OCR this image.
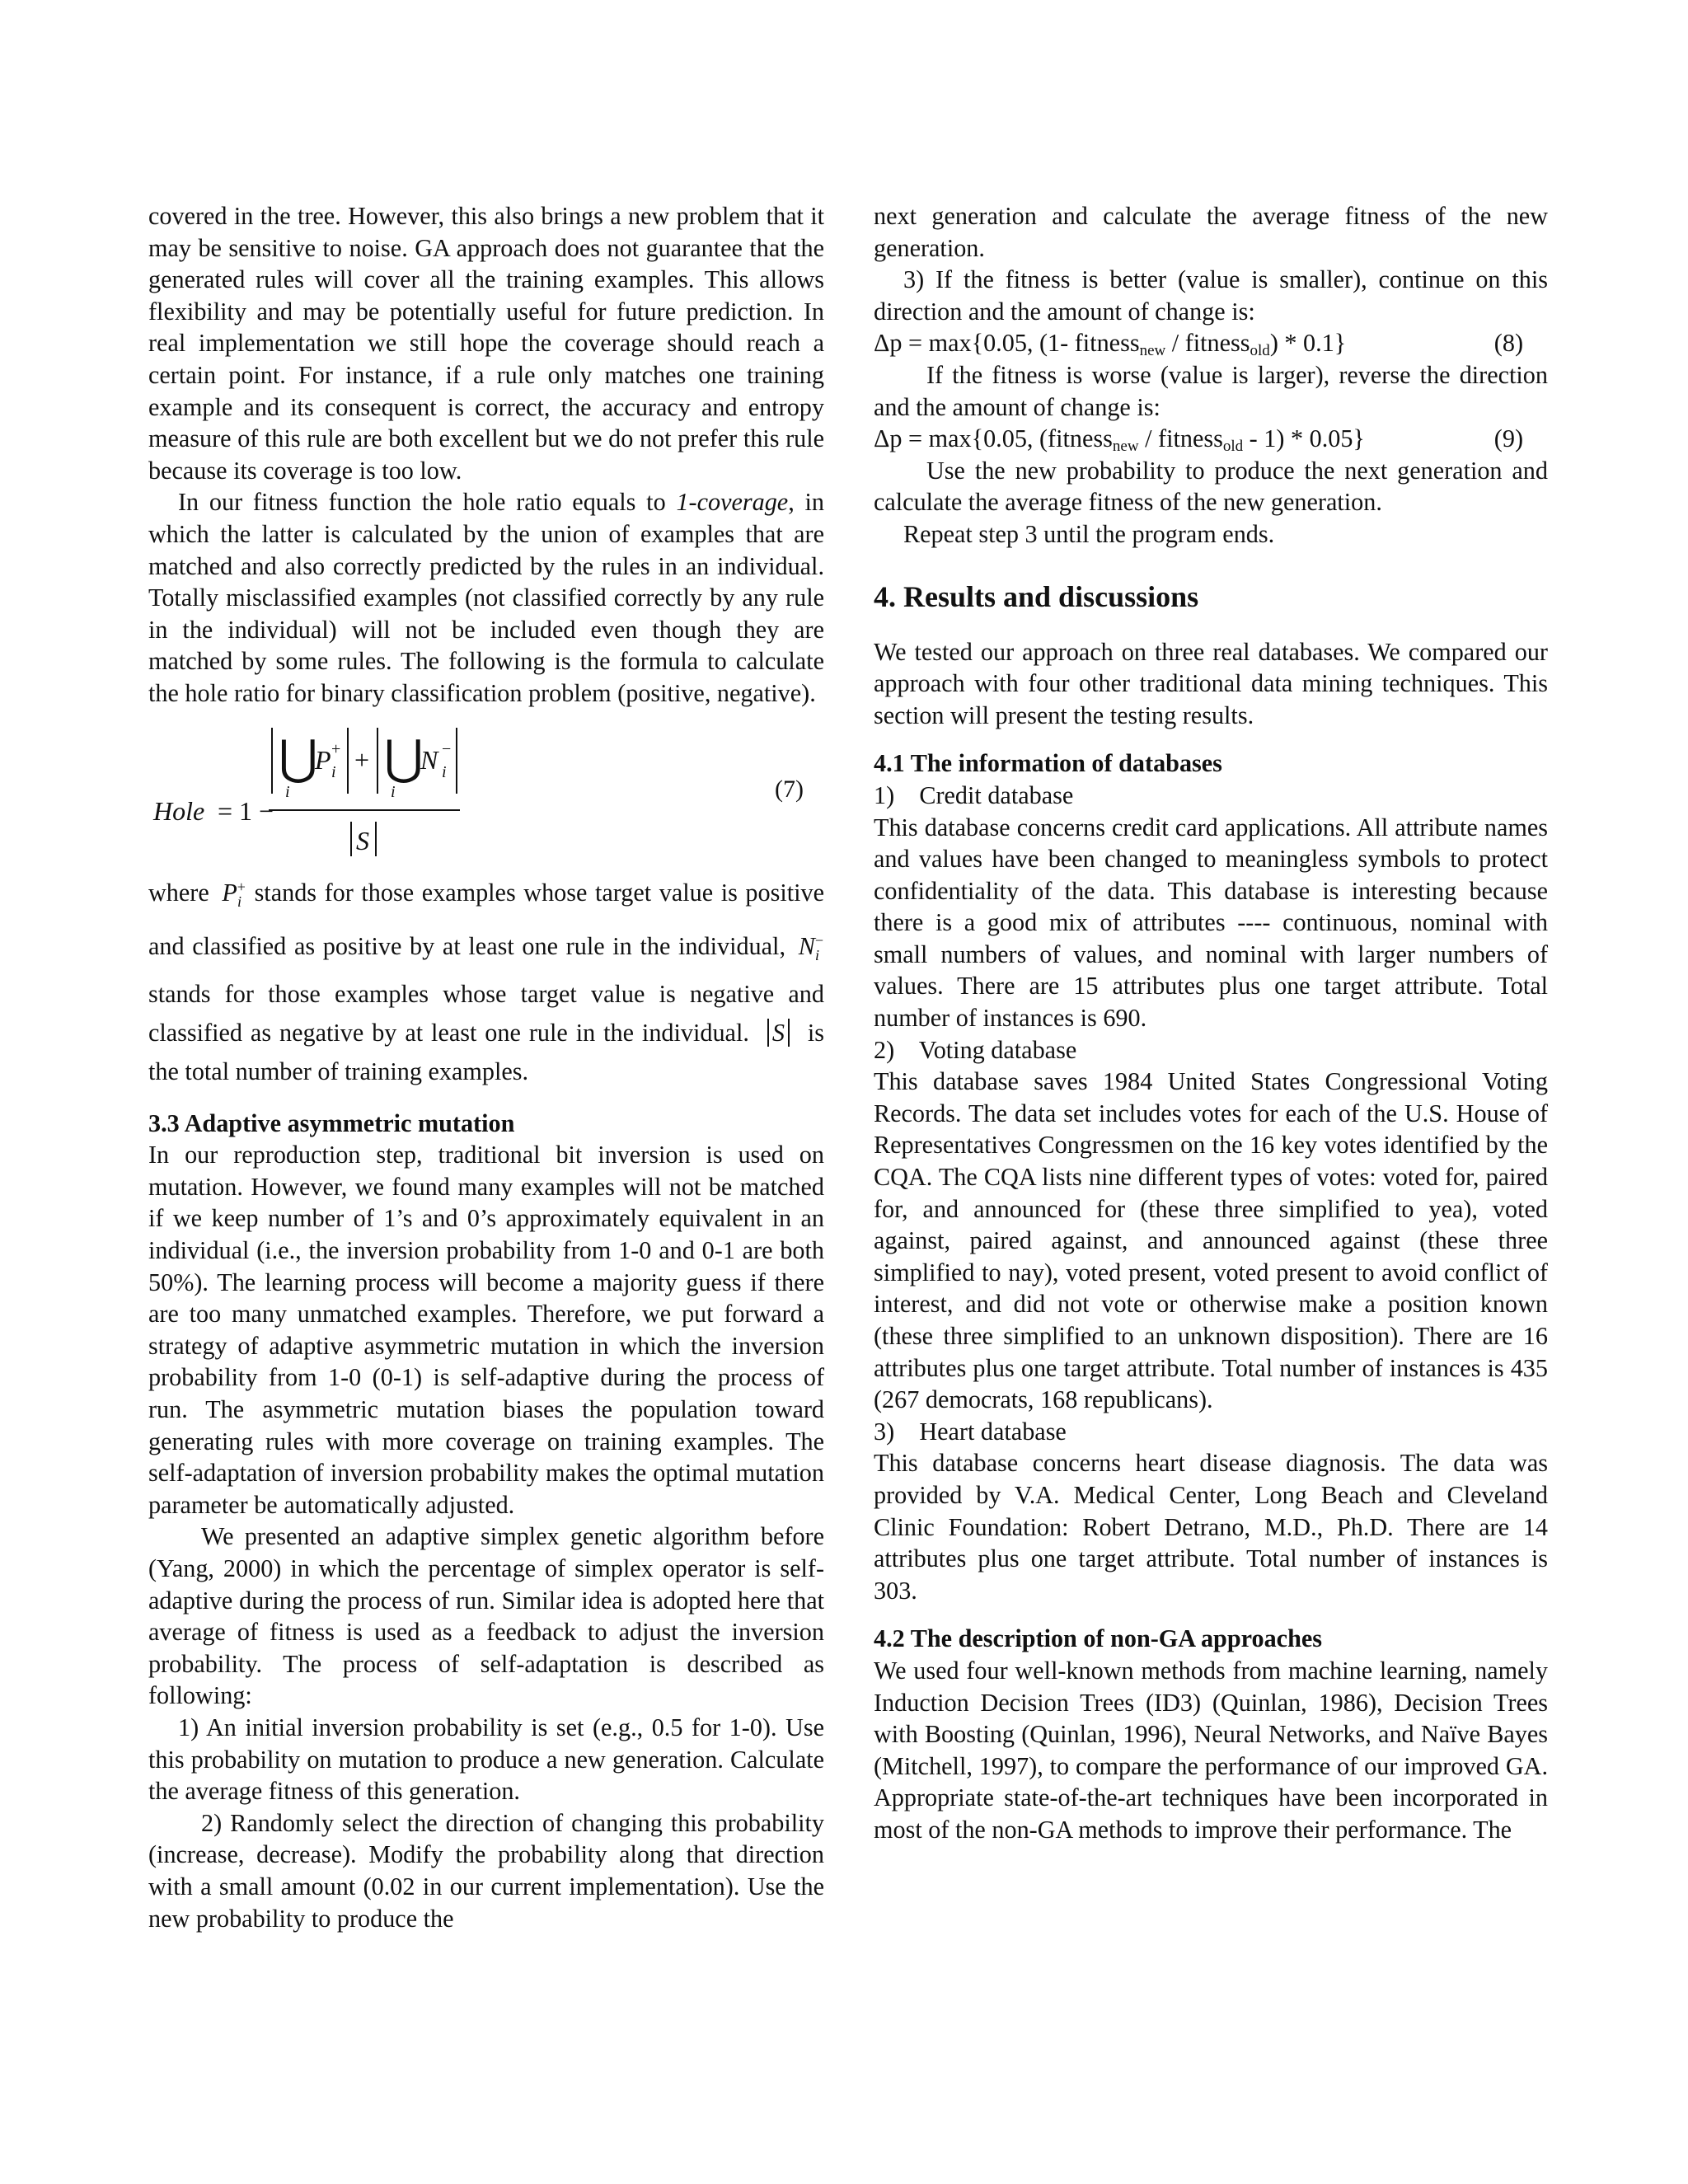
covered in the tree. However, this also brings a new problem that it may be sensitive to noise. GA approach does not guarantee that the generated rules will cover all the training examples. This allows flexibility and may be potentially useful for future prediction. In real implementation we still hope the coverage should reach a certain point. For instance, if a rule only matches one training example and its consequent is correct, the accuracy and entropy measure of this rule are both excellent but we do not prefer this rule because its coverage is too low.

In our fitness function the hole ratio equals to 1-coverage, in which the latter is calculated by the union of examples that are matched and also correctly predicted by the rules in an individual. Totally misclassified examples (not classified correctly by any rule in the individual) will not be included even though they are matched by some rules. The following is the formula to calculate the hole ratio for binary classification problem (positive, negative).

Hole = 1 −
⋃
i
P +
i + ⋃
i
N −
i
S
(7)

where $P^+_i$ stands for those examples whose target value is positive and classified as positive by at least one rule in the individual, $N^-_i$ stands for those examples whose target value is negative and classified as negative by at least one rule in the individual. S is the total number of training examples.

3.3 Adaptive asymmetric mutation

In our reproduction step, traditional bit inversion is used on mutation. However, we found many examples will not be matched if we keep number of 1’s and 0’s approximately equivalent in an individual (i.e., the inversion probability from 1-0 and 0-1 are both 50%). The learning process will become a majority guess if there are too many unmatched examples. Therefore, we put forward a strategy of adaptive asymmetric mutation in which the inversion probability from 1-0 (0-1) is self-adaptive during the process of run. The asymmetric mutation biases the population toward generating rules with more coverage on training examples. The self-adaptation of inversion probability makes the optimal mutation parameter be automatically adjusted.

We presented an adaptive simplex genetic algorithm before (Yang, 2000) in which the percentage of simplex operator is self-adaptive during the process of run. Similar idea is adopted here that average of fitness is used as a feedback to adjust the inversion probability. The process of self-adaptation is described as following:

1) An initial inversion probability is set (e.g., 0.5 for 1-0). Use this probability on mutation to produce a new generation. Calculate the average fitness of this generation.

2) Randomly select the direction of changing this probability (increase, decrease). Modify the probability along that direction with a small amount (0.02 in our current implementation). Use the new probability to produce the

next generation and calculate the average fitness of the new generation.

3) If the fitness is better (value is smaller), continue on this direction and the amount of change is:

Δp = max{0.05, (1- fitness$_{new}$ / fitness$_{old}$) * 0.1}	(8)

If the fitness is worse (value is larger), reverse the direction and the amount of change is:

Δp = max{0.05, (fitness$_{new}$ / fitness$_{old}$ - 1) * 0.05}	(9)

Use the new probability to produce the next generation and calculate the average fitness of the new generation.

Repeat step 3 until the program ends.

4. Results and discussions

We tested our approach on three real databases. We compared our approach with four other traditional data mining techniques. This section will present the testing results.

4.1 The information of databases

1)    Credit database

This database concerns credit card applications. All attribute names and values have been changed to meaningless symbols to protect confidentiality of the data. This database is interesting because there is a good mix of attributes ---- continuous, nominal with small numbers of values, and nominal with larger numbers of values. There are 15 attributes plus one target attribute. Total number of instances is 690.

2)    Voting database

This database saves 1984 United States Congressional Voting Records. The data set includes votes for each of the U.S. House of Representatives Congressmen on the 16 key votes identified by the CQA. The CQA lists nine different types of votes: voted for, paired for, and announced for (these three simplified to yea), voted against, paired against, and announced against (these three simplified to nay), voted present, voted present to avoid conflict of interest, and did not vote or otherwise make a position known (these three simplified to an unknown disposition). There are 16 attributes plus one target attribute. Total number of instances is 435 (267 democrats, 168 republicans).

3)    Heart database

This database concerns heart disease diagnosis. The data was provided by V.A. Medical Center, Long Beach and Cleveland Clinic Foundation: Robert Detrano, M.D., Ph.D. There are 14 attributes plus one target attribute. Total number of instances is 303.

4.2 The description of non-GA approaches

We used four well-known methods from machine learning, namely Induction Decision Trees (ID3) (Quinlan, 1986), Decision Trees with Boosting (Quinlan, 1996), Neural Networks, and Naïve Bayes (Mitchell, 1997), to compare the performance of our improved GA. Appropriate state-of-the-art techniques have been incorporated in most of the non-GA methods to improve their performance. The
